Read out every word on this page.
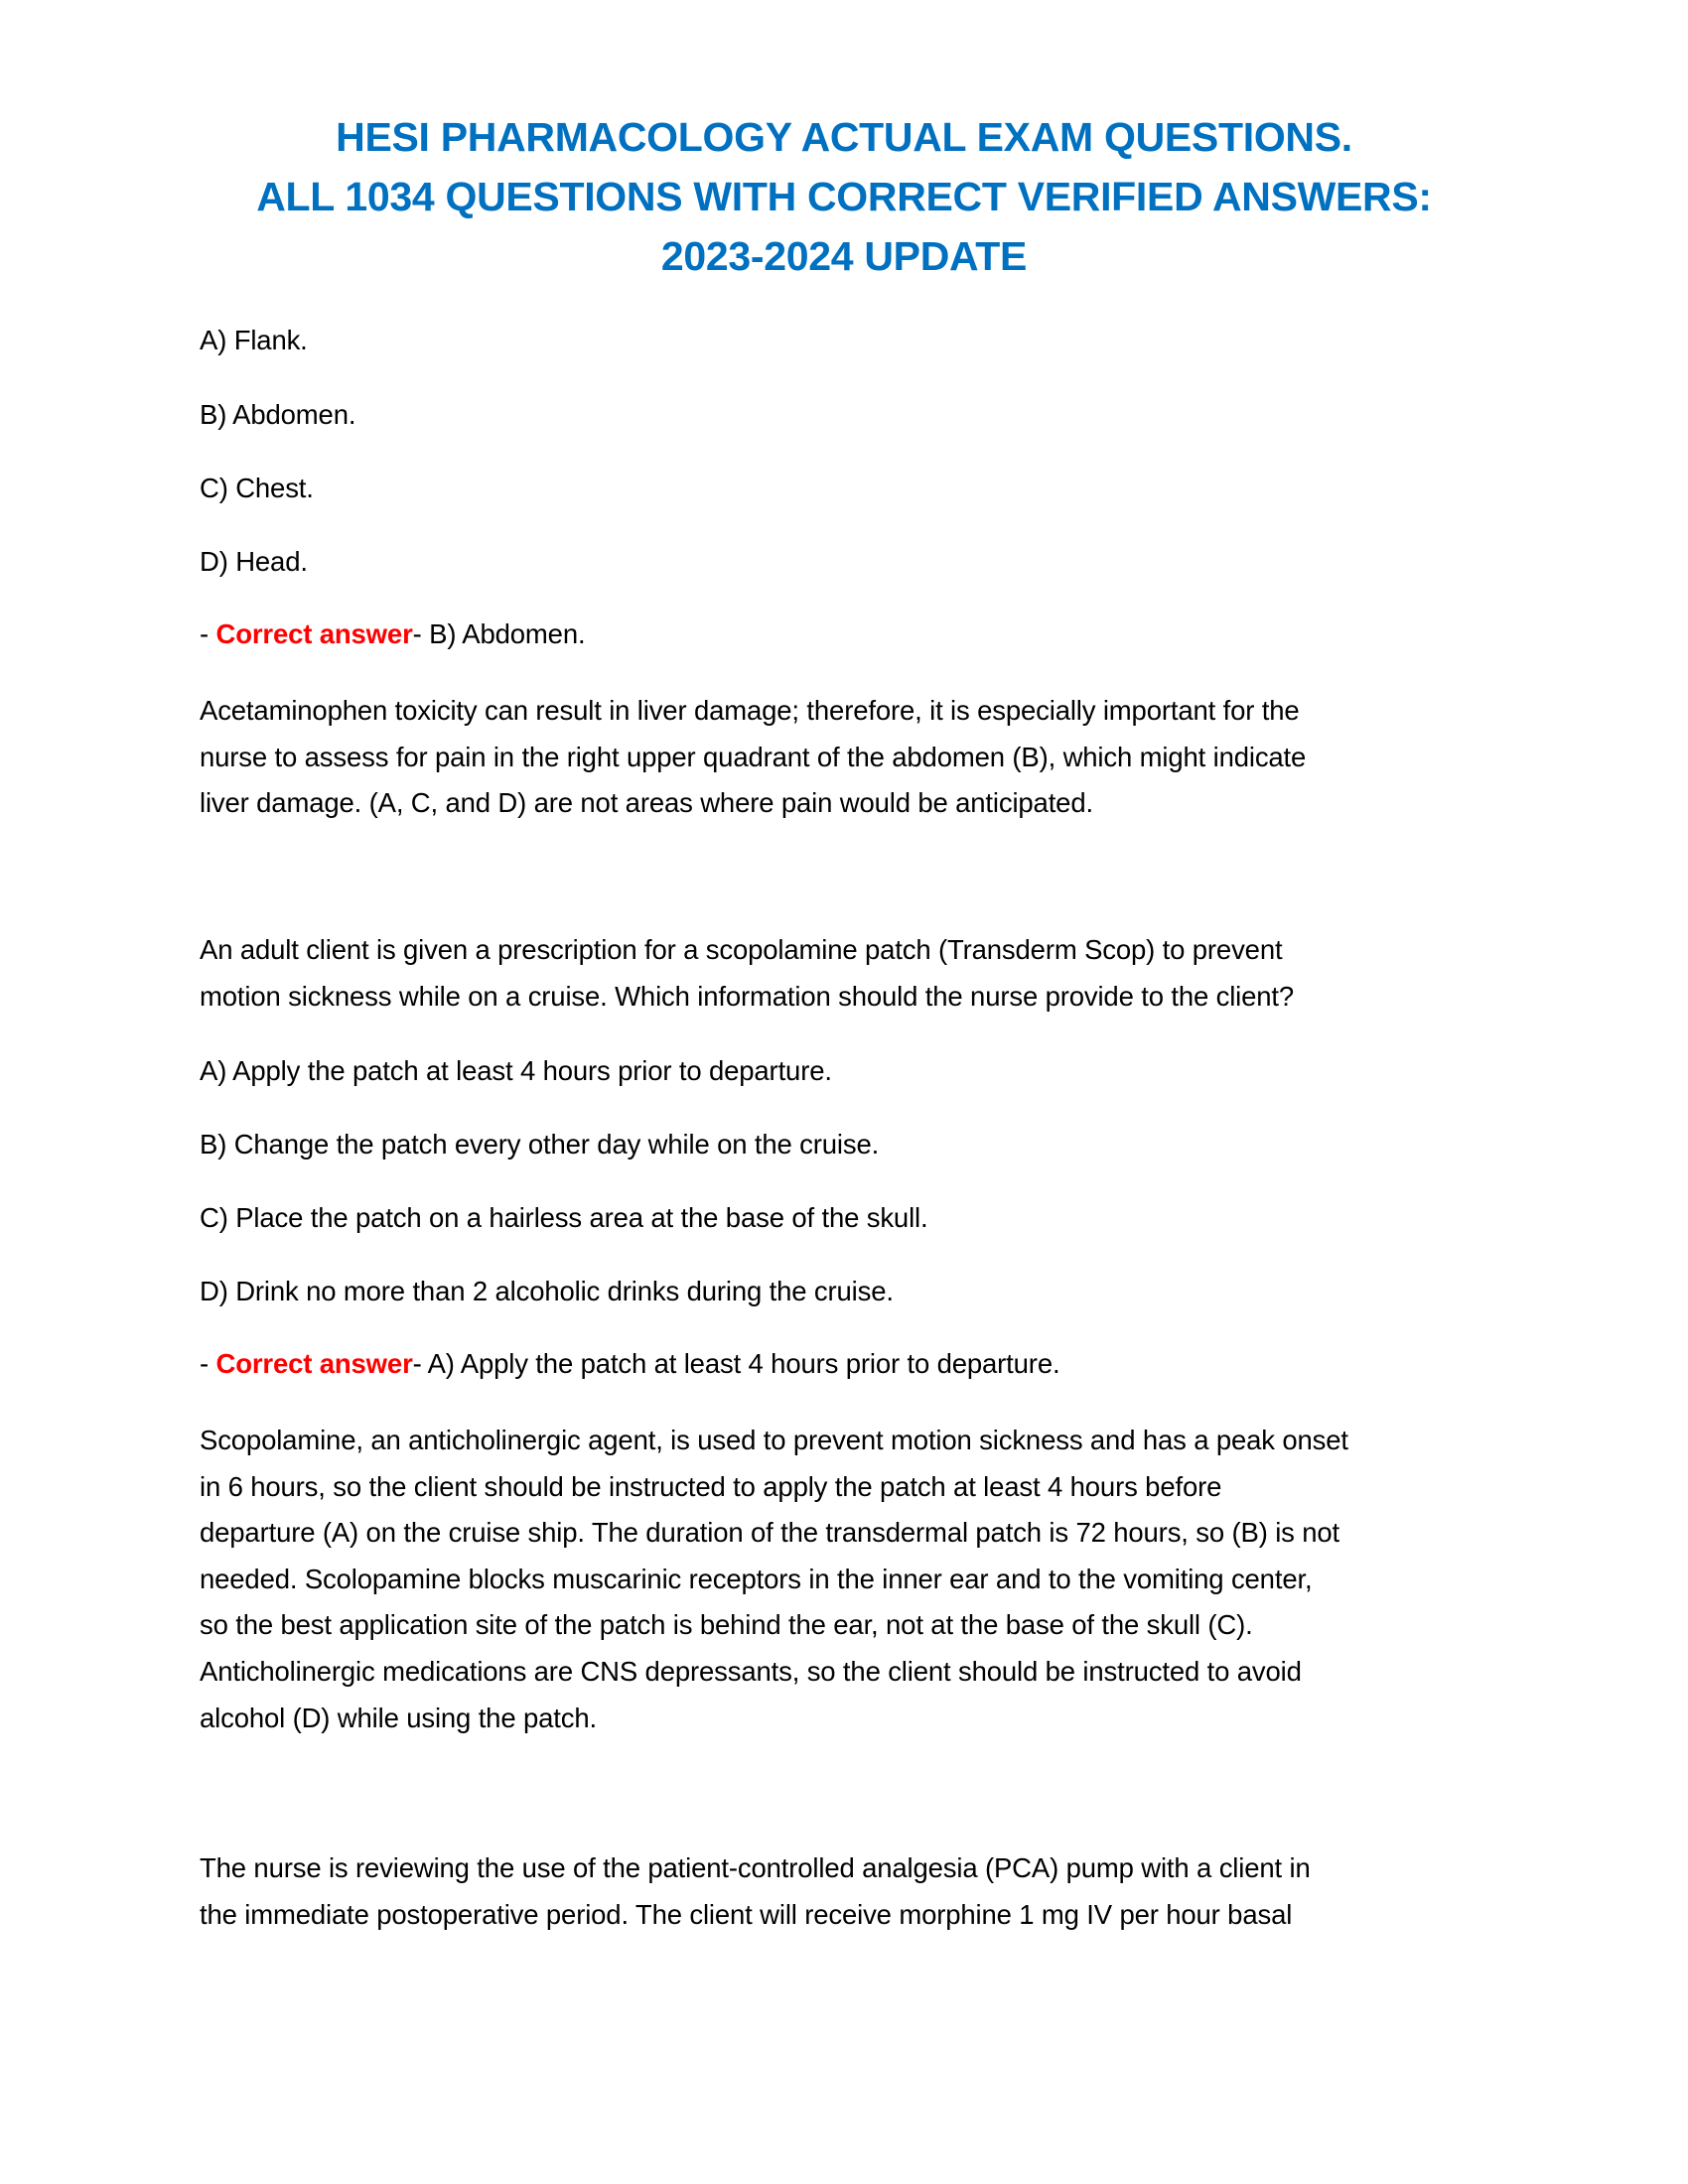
HESI PHARMACOLOGY ACTUAL EXAM QUESTIONS.
ALL 1034 QUESTIONS WITH CORRECT VERIFIED ANSWERS:
2023-2024 UPDATE
A) Flank.
B) Abdomen.
C) Chest.
D) Head.
- Correct answer- B) Abdomen.
Acetaminophen toxicity can result in liver damage; therefore, it is especially important for the
nurse to assess for pain in the right upper quadrant of the abdomen (B), which might indicate
liver damage. (A, C, and D) are not areas where pain would be anticipated.
An adult client is given a prescription for a scopolamine patch (Transderm Scop) to prevent
motion sickness while on a cruise. Which information should the nurse provide to the client?
A) Apply the patch at least 4 hours prior to departure.
B) Change the patch every other day while on the cruise.
C) Place the patch on a hairless area at the base of the skull.
D) Drink no more than 2 alcoholic drinks during the cruise.
- Correct answer- A) Apply the patch at least 4 hours prior to departure.
Scopolamine, an anticholinergic agent, is used to prevent motion sickness and has a peak onset
in 6 hours, so the client should be instructed to apply the patch at least 4 hours before
departure (A) on the cruise ship. The duration of the transdermal patch is 72 hours, so (B) is not
needed. Scolopamine blocks muscarinic receptors in the inner ear and to the vomiting center,
so the best application site of the patch is behind the ear, not at the base of the skull (C).
Anticholinergic medications are CNS depressants, so the client should be instructed to avoid
alcohol (D) while using the patch.
The nurse is reviewing the use of the patient-controlled analgesia (PCA) pump with a client in
the immediate postoperative period. The client will receive morphine 1 mg IV per hour basal
